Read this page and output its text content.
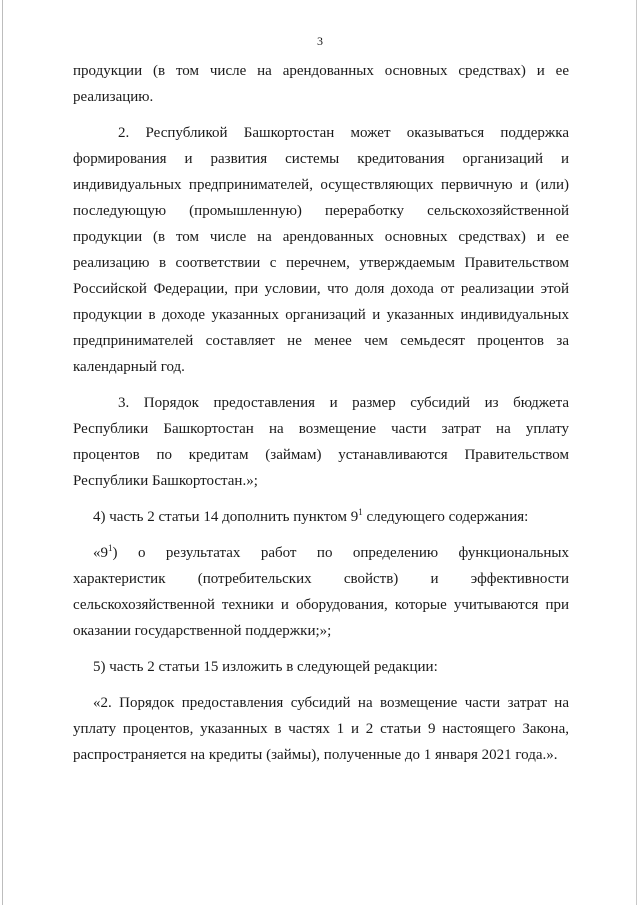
3
продукции (в том числе на арендованных основных средствах) и ее
реализацию.
2. Республикой Башкортостан может оказываться поддержка
формирования и развития системы кредитования организаций и
индивидуальных предпринимателей, осуществляющих первичную и (или)
последующую (промышленную) переработку сельскохозяйственной
продукции (в том числе на арендованных основных средствах) и ее
реализацию в соответствии с перечнем, утверждаемым Правительством
Российской Федерации, при условии, что доля дохода от реализации этой
продукции в доходе указанных организаций и указанных индивидуальных
предпринимателей составляет не менее чем семьдесят процентов за
календарный год.
3. Порядок предоставления и размер субсидий из бюджета
Республики Башкортостан на возмещение части затрат на уплату
процентов по кредитам (займам) устанавливаются Правительством
Республики Башкортостан.»;
4) часть 2 статьи 14 дополнить пунктом $9^1$ следующего содержания:
«$9^1$) о результатах работ по определению функциональных
характеристик (потребительских свойств) и эффективности
сельскохозяйственной техники и оборудования, которые учитываются при
оказании государственной поддержки;»;
5) часть 2 статьи 15 изложить в следующей редакции:
«2. Порядок предоставления субсидий на возмещение части затрат на
уплату процентов, указанных в частях 1 и 2 статьи 9 настоящего Закона,
распространяется на кредиты (займы), полученные до 1 января 2021 года.».
